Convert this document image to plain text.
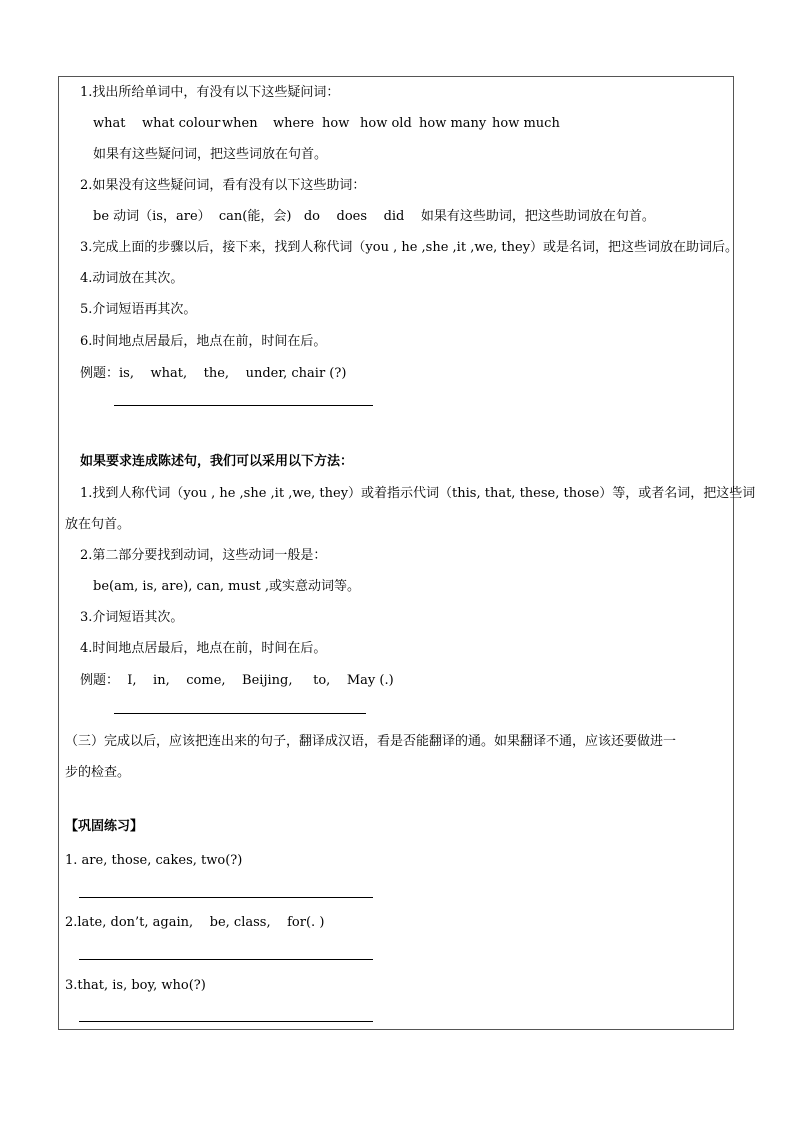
1.找出所给单词中，有没有以下这些疑问词：
what what colour when where how how old how many how much
如果有这些疑问词，把这些词放在句首。
2.如果没有这些疑问词，看有没有以下这些助词：
be 动词（is，are）  can(能，会)   do    does    did    如果有这些助词，把这些助词放在句首。
3.完成上面的步骤以后，接下来，找到人称代词（you , he ,she ,it ,we, they）或是名词，把这些词放在助词后。
4.动词放在其次。
5.介词短语再其次。
6.时间地点居最后，地点在前，时间在后。
例题：is,    what,    the,    under, chair (?)
如果要求连成陈述句，我们可以采用以下方法：
1.找到人称代词（you , he ,she ,it ,we, they）或着指示代词（this, that, these, those）等，或者名词，把这些词
放在句首。
2.第二部分要找到动词，这些动词一般是：
be(am, is, are), can, must ,或实意动词等。
3.介词短语其次。
4.时间地点居最后，地点在前，时间在后。
例题：  I,    in,    come,    Beijing,     to,    May (.)
（三）完成以后，应该把连出来的句子，翻译成汉语，看是否能翻译的通。如果翻译不通，应该还要做进一
步的检查。
【巩固练习】
1. are, those, cakes, two(?)
2.late, don’t, again,    be, class,    for(. )
3.that, is, boy, who(?)
